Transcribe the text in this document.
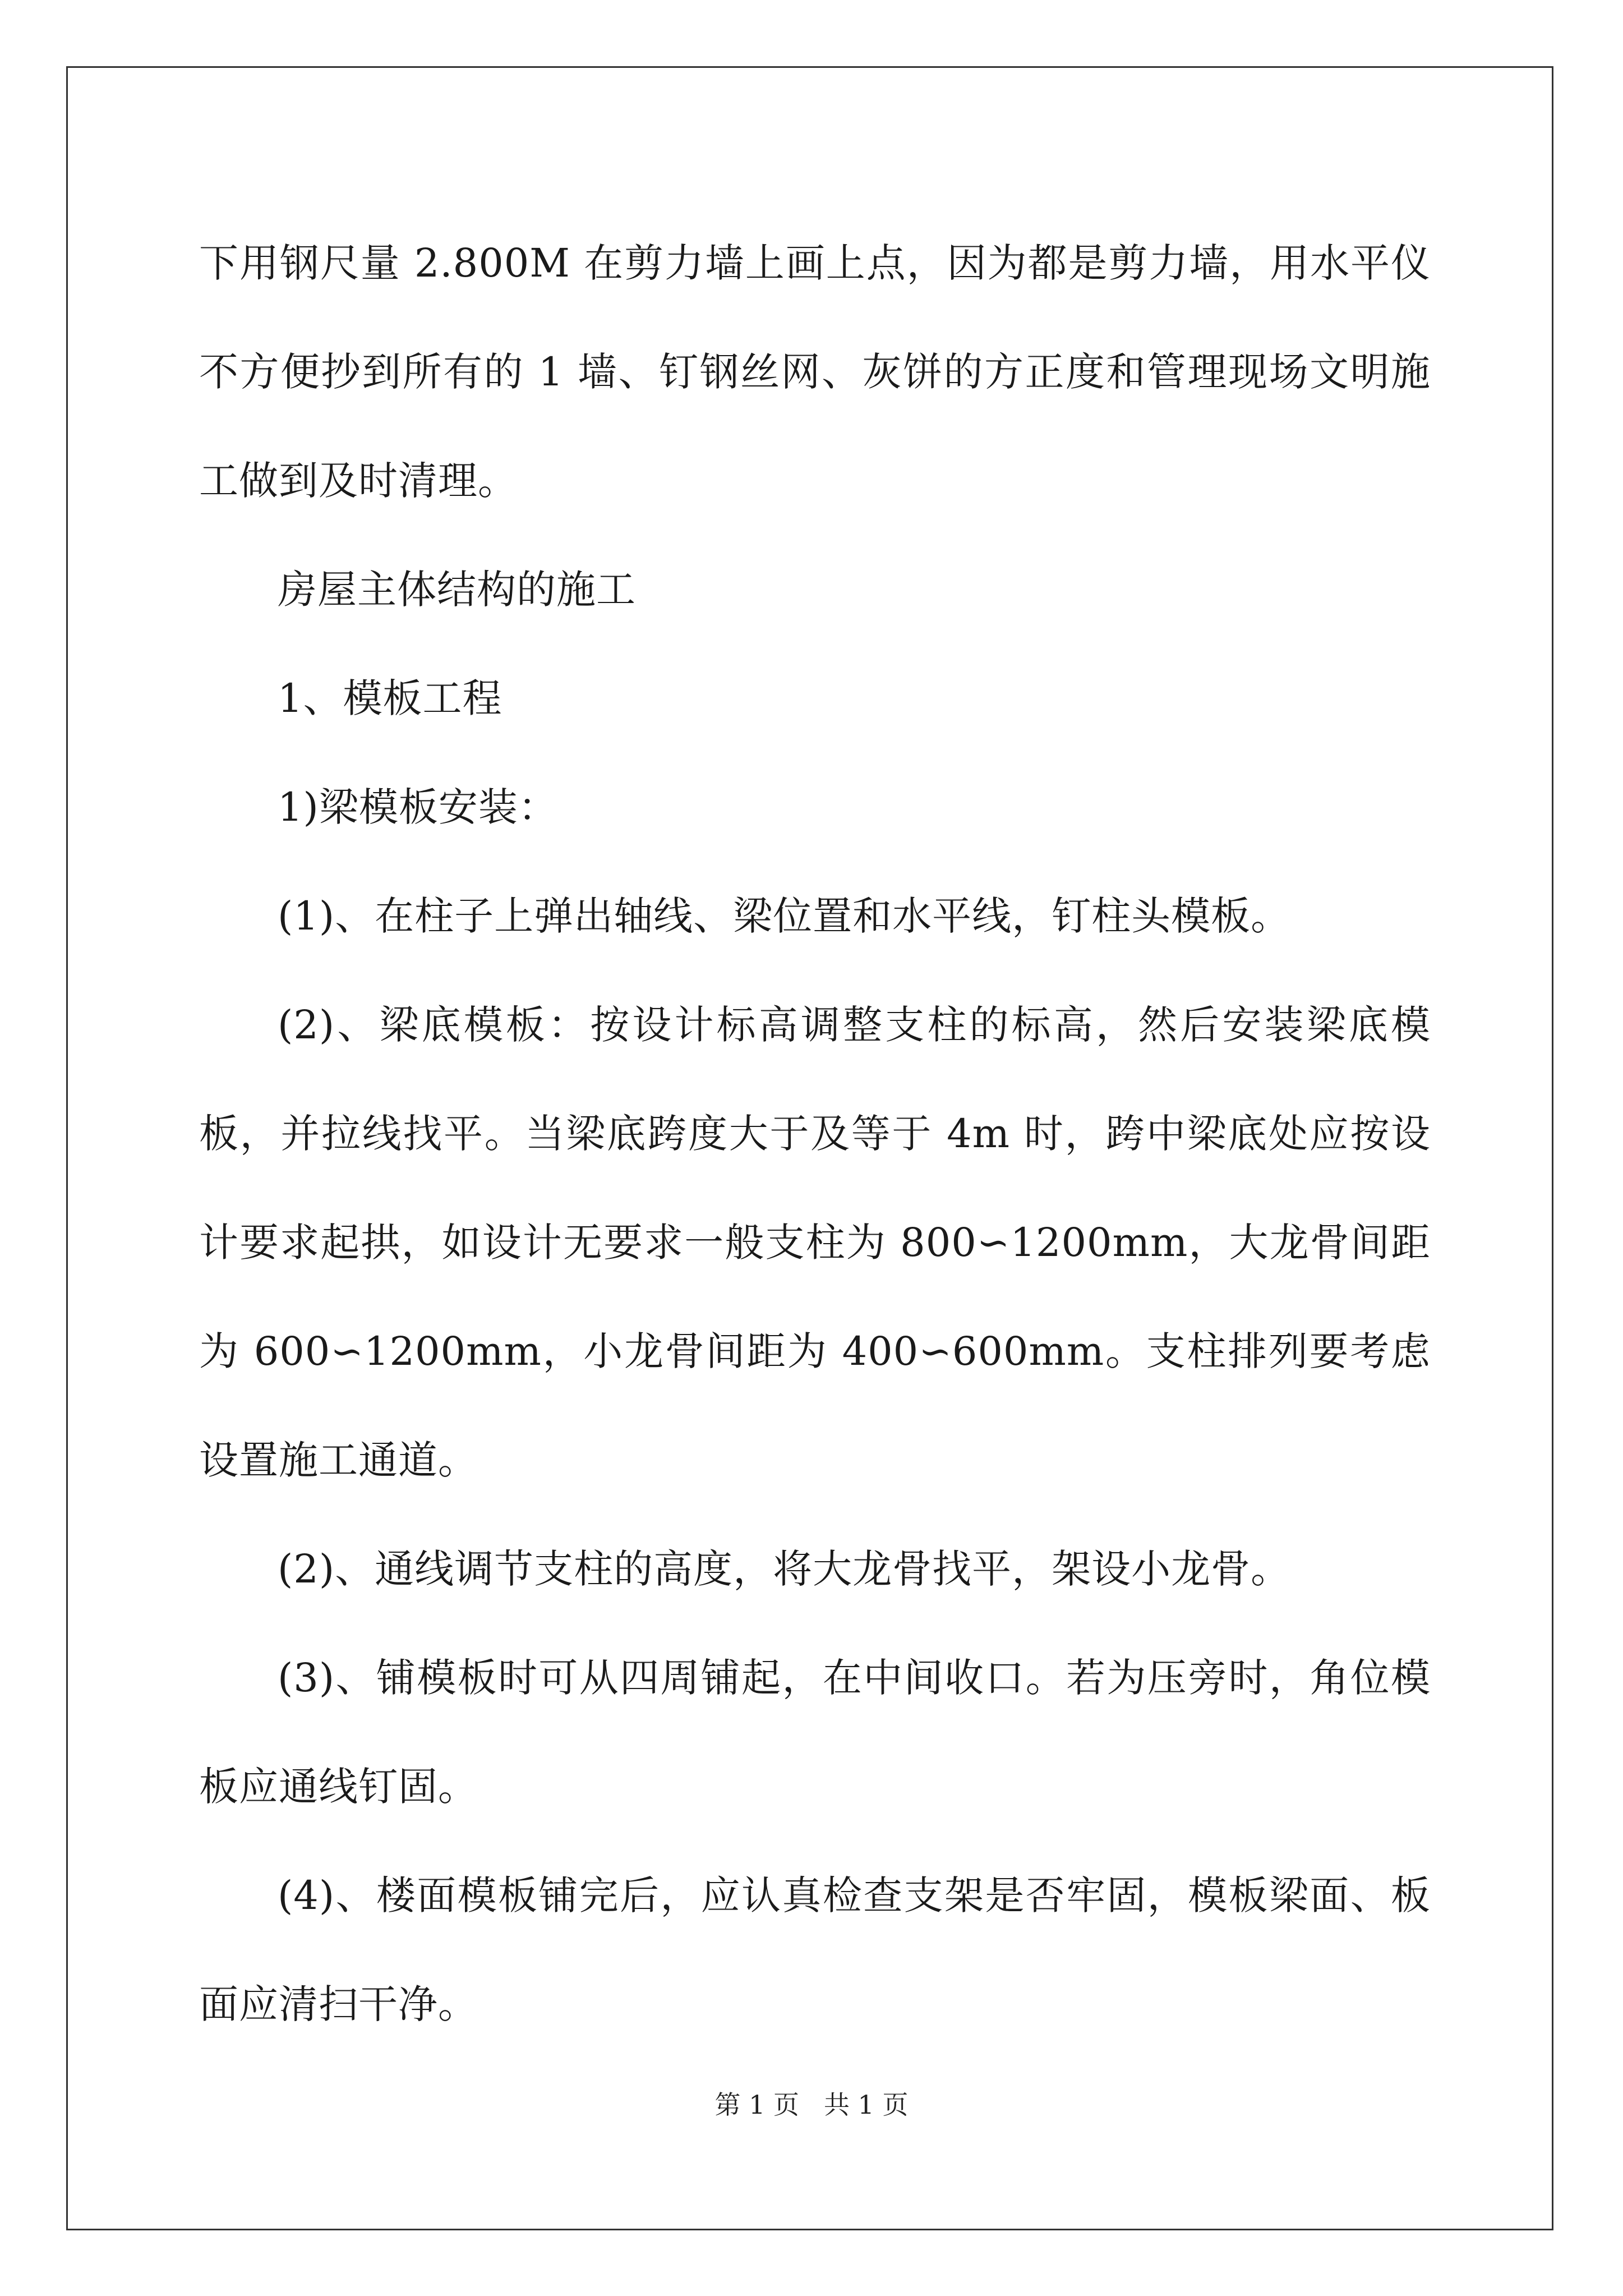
下用钢尺量 2.800M 在剪力墙上画上点，因为都是剪力墙，用水平仪不方便抄到所有的 1 墙、钉钢丝网、灰饼的方正度和管理现场文明施工做到及时清理。

房屋主体结构的施工

1、模板工程

1)梁模板安装：

(1)、在柱子上弹出轴线、梁位置和水平线，钉柱头模板。

(2)、梁底模板：按设计标高调整支柱的标高，然后安装梁底模板，并拉线找平。当梁底跨度大于及等于 4m 时，跨中梁底处应按设计要求起拱，如设计无要求一般支柱为 800∽1200mm，大龙骨间距为 600∽1200mm，小龙骨间距为 400∽600mm。支柱排列要考虑设置施工通道。

(2)、通线调节支柱的高度，将大龙骨找平，架设小龙骨。

(3)、铺模板时可从四周铺起，在中间收口。若为压旁时，角位模板应通线钉固。

(4)、楼面模板铺完后，应认真检查支架是否牢固，模板梁面、板面应清扫干净。

第 1 页 共 1 页
